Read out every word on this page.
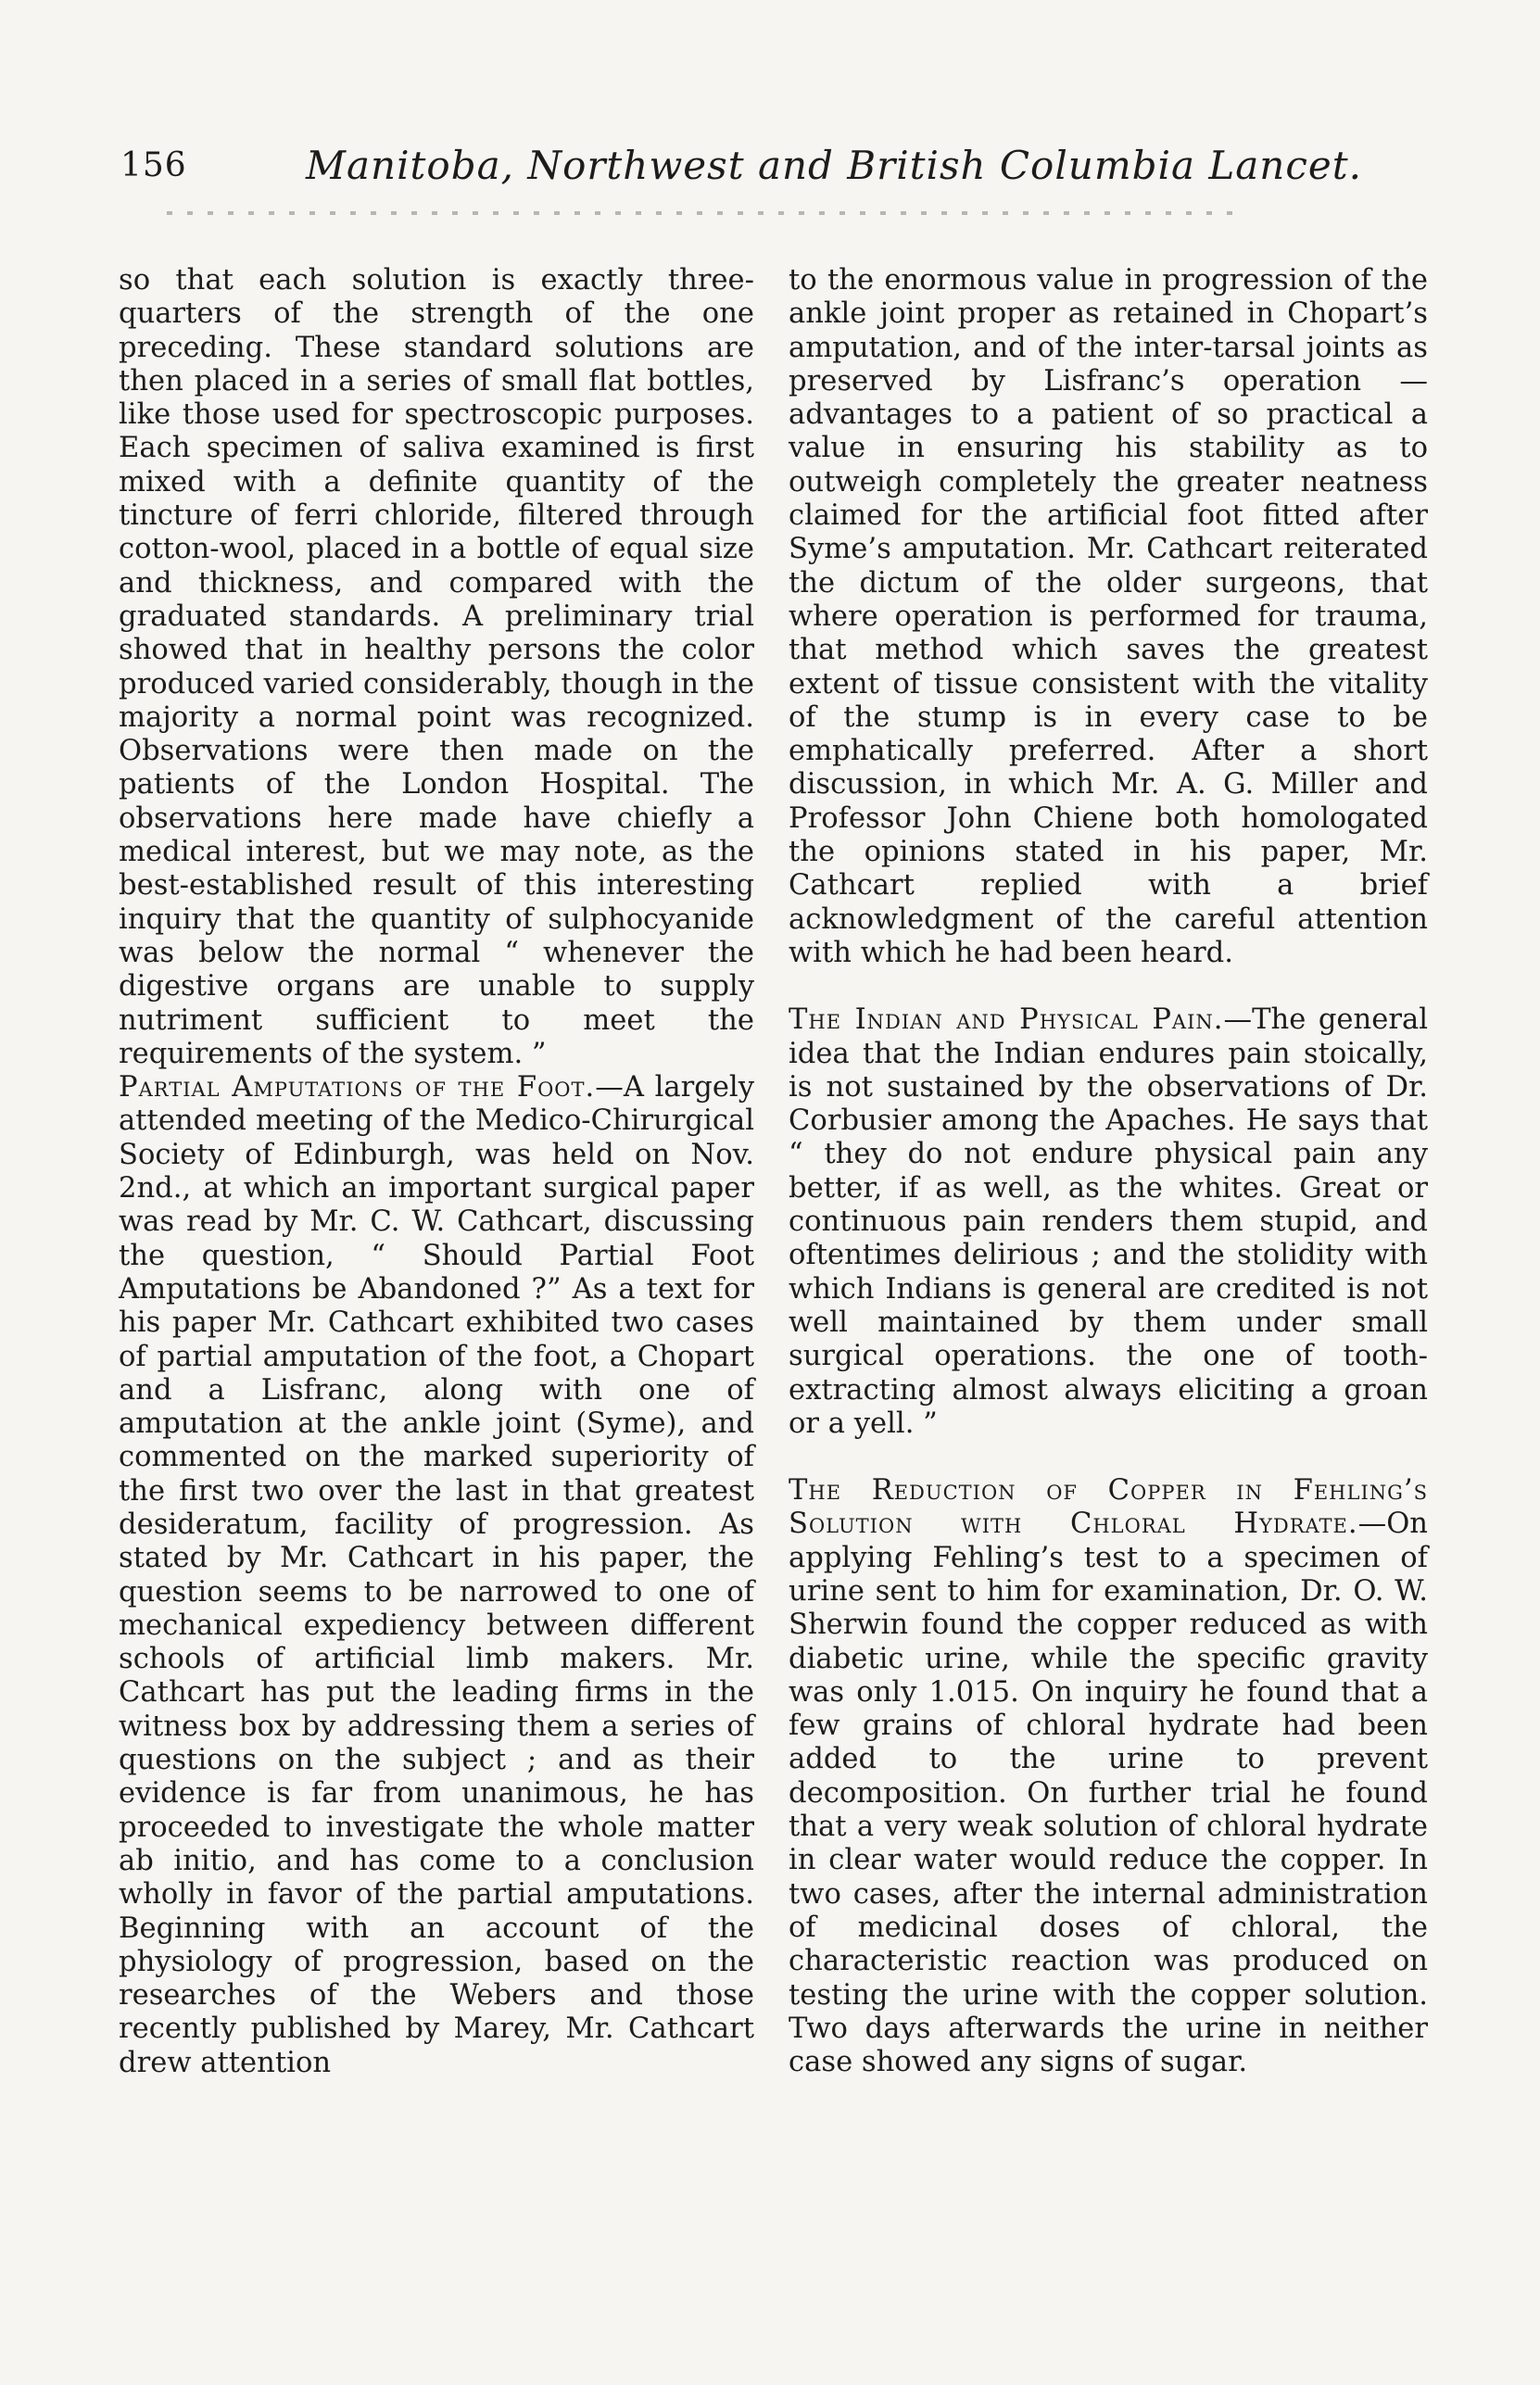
156	Manitoba, Northwest and British Columbia Lancet.

so that each solution is exactly three-quarters of the strength of the one preceding. These standard solutions are then placed in a series of small flat bottles, like those used for spectroscopic purposes. Each specimen of saliva examined is first mixed with a definite quantity of the tincture of ferri chloride, filtered through cotton-wool, placed in a bottle of equal size and thickness, and compared with the graduated standards. A preliminary trial showed that in healthy persons the color produced varied considerably, though in the majority a normal point was recognized. Observations were then made on the patients of the London Hospital. The observations here made have chiefly a medical interest, but we may note, as the best-established result of this interesting inquiry that the quantity of sulphocyanide was below the normal “ whenever the digestive organs are unable to supply nutriment sufficient to meet the requirements of the system. ”

Partial Amputations of the Foot.—A largely attended meeting of the Medico-Chirurgical Society of Edinburgh, was held on Nov. 2nd., at which an important surgical paper was read by Mr. C. W. Cathcart, discussing the question, “ Should Partial Foot Amputations be Abandoned ?” As a text for his paper Mr. Cathcart exhibited two cases of partial amputation of the foot, a Chopart and a Lisfranc, along with one of amputation at the ankle joint (Syme), and commented on the marked superiority of the first two over the last in that greatest desideratum, facility of progression. As stated by Mr. Cathcart in his paper, the question seems to be narrowed to one of mechanical expediency between different schools of artificial limb makers. Mr. Cathcart has put the leading firms in the witness box by addressing them a series of questions on the subject ; and as their evidence is far from unanimous, he has proceeded to investigate the whole matter ab initio, and has come to a conclusion wholly in favor of the partial amputations. Beginning with an account of the physiology of progression, based on the researches of the Webers and those recently published by Marey, Mr. Cathcart drew attention

to the enormous value in progression of the ankle joint proper as retained in Chopart’s amputation, and of the inter-tarsal joints as preserved by Lisfranc’s operation —advantages to a patient of so practical a value in ensuring his stability as to outweigh completely the greater neatness claimed for the artificial foot fitted after Syme’s amputation. Mr. Cathcart reiterated the dictum of the older surgeons, that where operation is performed for trauma, that method which saves the greatest extent of tissue consistent with the vitality of the stump is in every case to be emphatically preferred. After a short discussion, in which Mr. A. G. Miller and Professor John Chiene both homologated the opinions stated in his paper, Mr. Cathcart replied with a brief acknowledgment of the careful attention with which he had been heard.

The Indian and Physical Pain.—The general idea that the Indian endures pain stoically, is not sustained by the observations of Dr. Corbusier among the Apaches. He says that “ they do not endure physical pain any better, if as well, as the whites. Great or continuous pain renders them stupid, and oftentimes delirious ; and the stolidity with which Indians is general are credited is not well maintained by them under small surgical operations. the one of tooth-extracting almost always eliciting a groan or a yell. ”

The Reduction of Copper in Fehling’s Solution with Chloral Hydrate.—On applying Fehling’s test to a specimen of urine sent to him for examination, Dr. O. W. Sherwin found the copper reduced as with diabetic urine, while the specific gravity was only 1.015. On inquiry he found that a few grains of chloral hydrate had been added to the urine to prevent decomposition. On further trial he found that a very weak solution of chloral hydrate in clear water would reduce the copper. In two cases, after the internal administration of medicinal doses of chloral, the characteristic reaction was produced on testing the urine with the copper solution. Two days afterwards the urine in neither case showed any signs of sugar.
